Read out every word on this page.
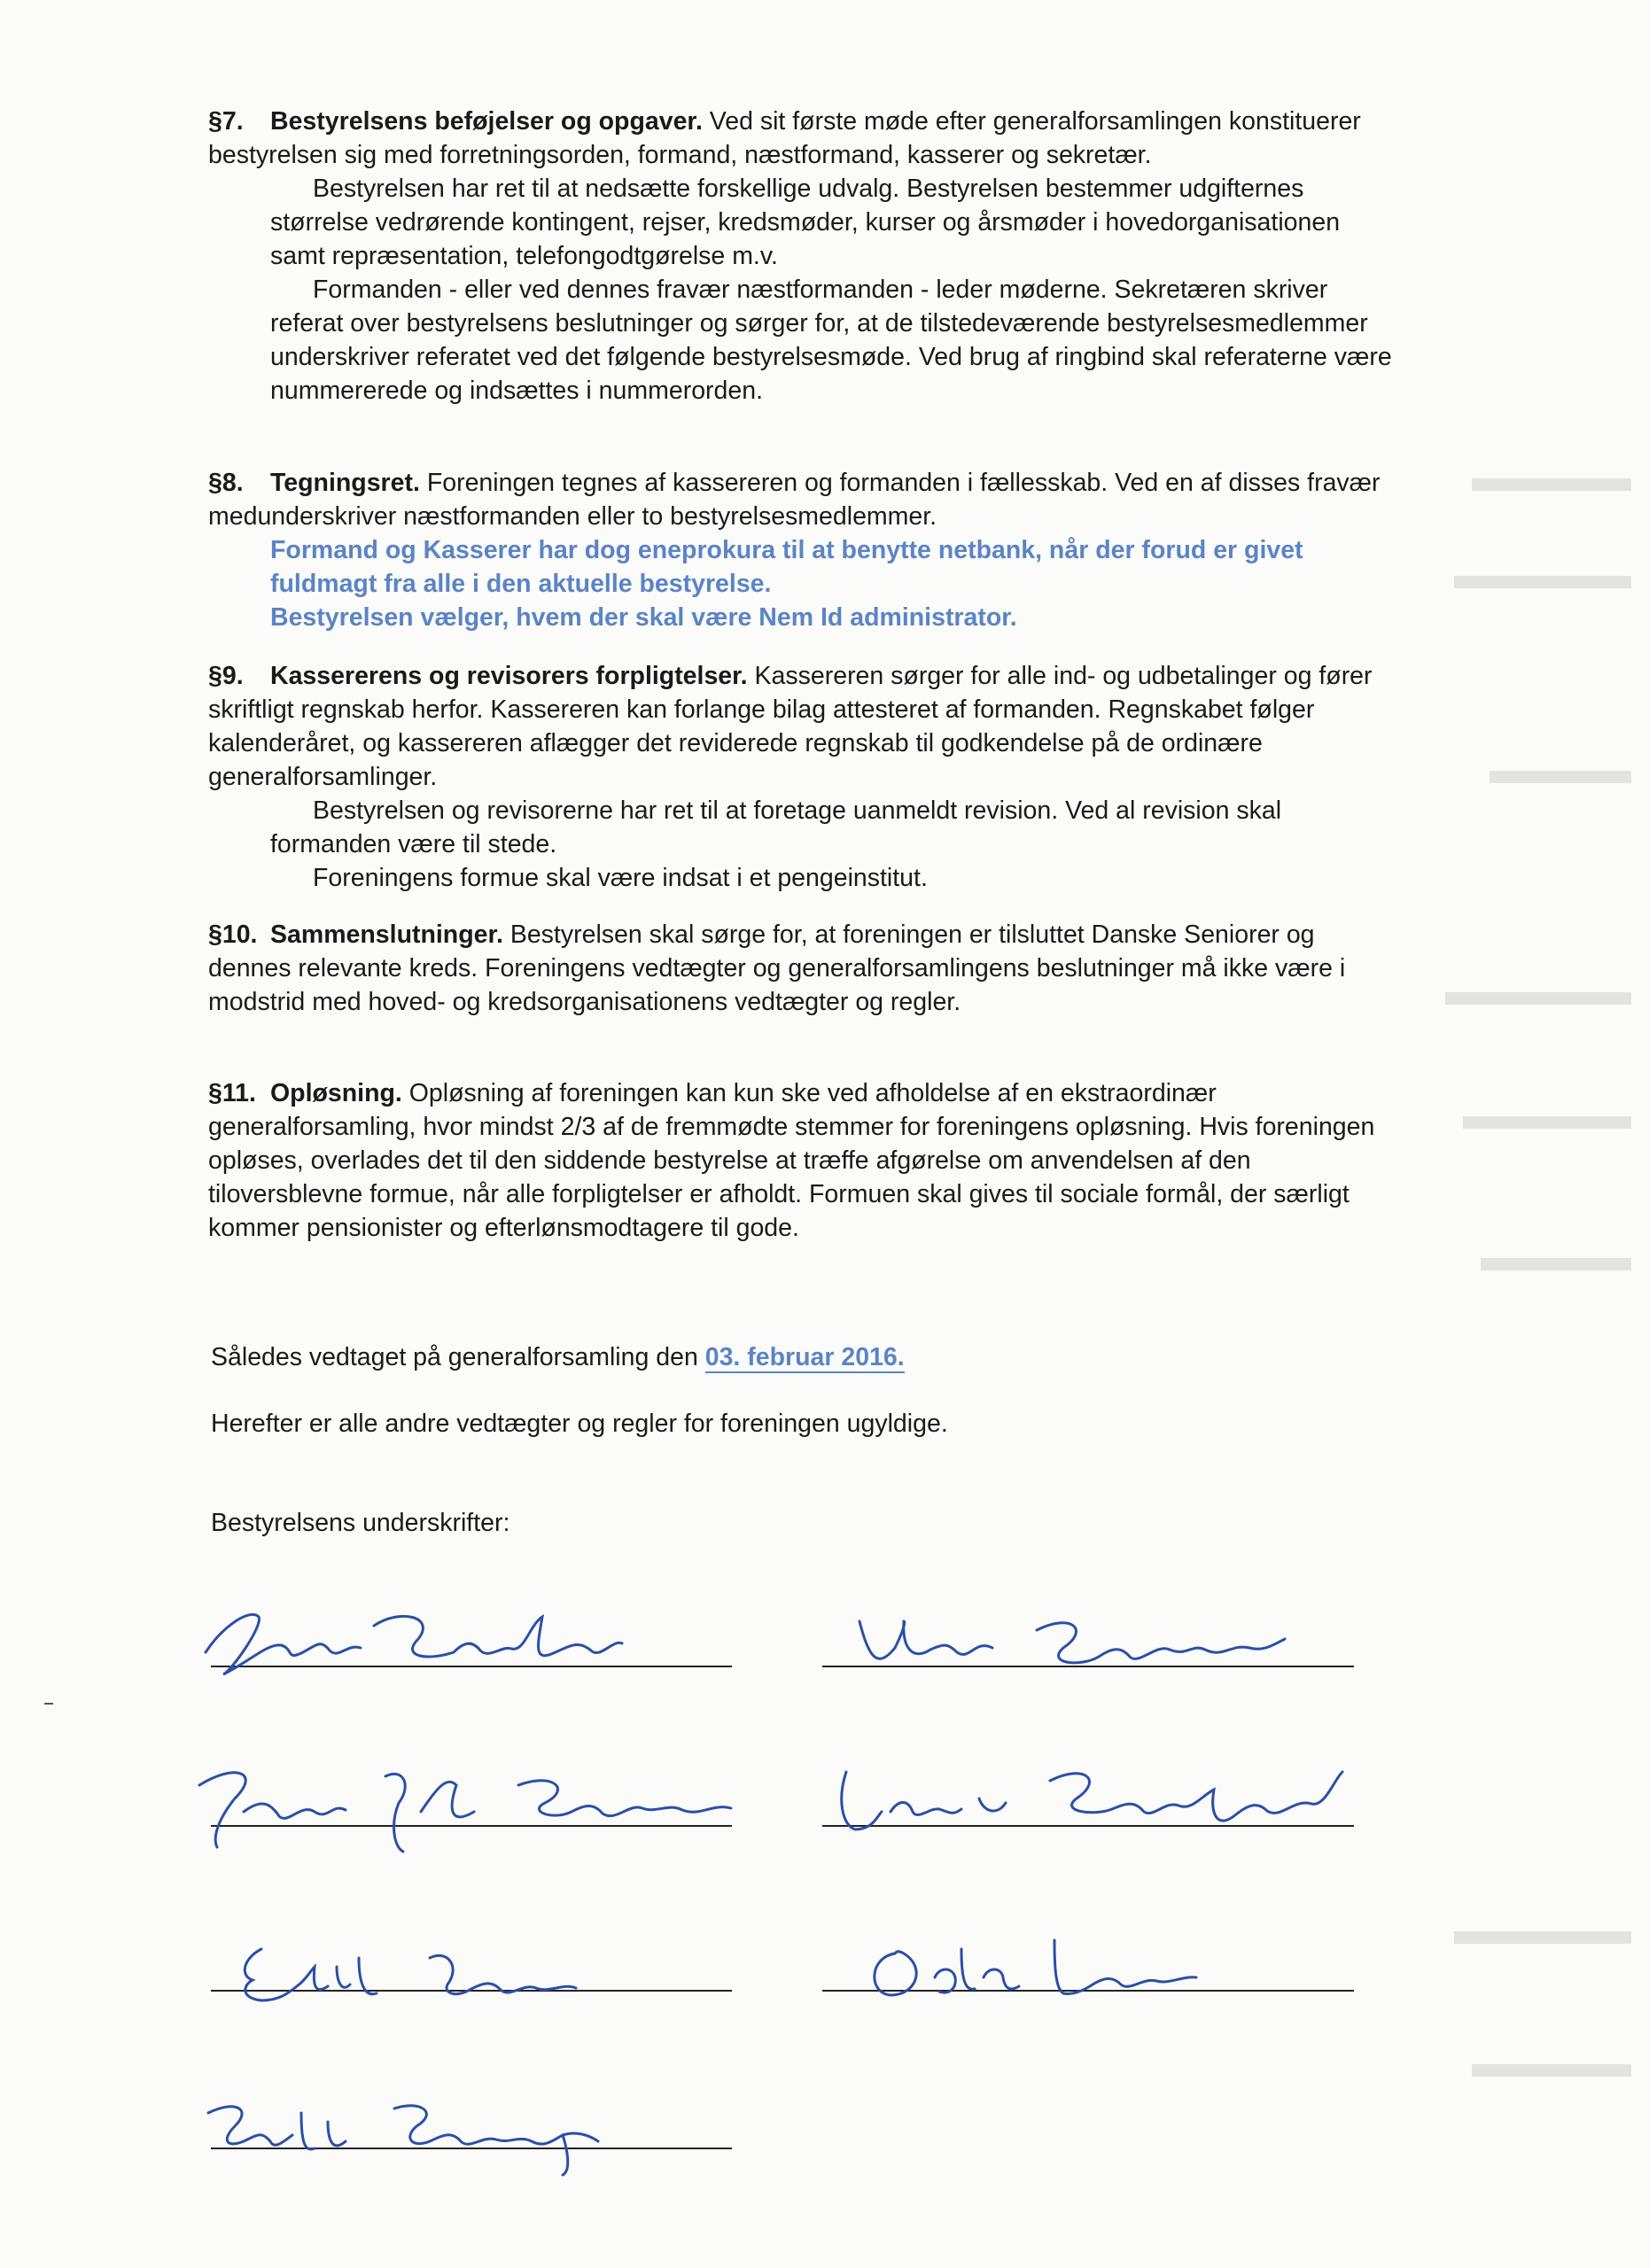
§7. Bestyrelsens beføjelser og opgaver. Ved sit første møde efter generalforsamlingen konstituerer bestyrelsen sig med forretningsorden, formand, næstformand, kasserer og sekretær.
Bestyrelsen har ret til at nedsætte forskellige udvalg. Bestyrelsen bestemmer udgifternes størrelse vedrørende kontingent, rejser, kredsmøder, kurser og årsmøder i hovedorganisationen samt repræsentation, telefongodtgørelse m.v.
Formanden - eller ved dennes fravær næstformanden - leder møderne. Sekretæren skriver referat over bestyrelsens beslutninger og sørger for, at de tilstedeværende bestyrelsesmedlemmer underskriver referatet ved det følgende bestyrelsesmøde. Ved brug af ringbind skal referaterne være nummererede og indsættes i nummerorden.
§8. Tegningsret. Foreningen tegnes af kassereren og formanden i fællesskab. Ved en af disses fravær medunderskriver næstformanden eller to bestyrelsesmedlemmer.
Formand og Kasserer har dog eneprokura til at benytte netbank, når der forud er givet fuldmagt fra alle i den aktuelle bestyrelse.
Bestyrelsen vælger, hvem der skal være Nem Id administrator.
§9. Kassererens og revisorers forpligtelser. Kassereren sørger for alle ind- og udbetalinger og fører skriftligt regnskab herfor. Kassereren kan forlange bilag attesteret af formanden. Regnskabet følger kalenderåret, og kassereren aflægger det reviderede regnskab til godkendelse på de ordinære generalforsamlinger.
Bestyrelsen og revisorerne har ret til at foretage uanmeldt revision. Ved al revision skal formanden være til stede.
Foreningens formue skal være indsat i et pengeinstitut.
§10. Sammenslutninger. Bestyrelsen skal sørge for, at foreningen er tilsluttet Danske Seniorer og dennes relevante kreds. Foreningens vedtægter og generalforsamlingens beslutninger må ikke være i modstrid med hoved- og kredsorganisationens vedtægter og regler.
§11. Opløsning. Opløsning af foreningen kan kun ske ved afholdelse af en ekstraordinær generalforsamling, hvor mindst 2/3 af de fremmødte stemmer for foreningens opløsning. Hvis foreningen opløses, overlades det til den siddende bestyrelse at træffe afgørelse om anvendelsen af den tiloversblevne formue, når alle forpligtelser er afholdt. Formuen skal gives til sociale formål, der særligt kommer pensionister og efterlønsmodtagere til gode.
Således vedtaget på generalforsamling den 03. februar 2016.
Herefter er alle andre vedtægter og regler for foreningen ugyldige.
Bestyrelsens underskrifter:
